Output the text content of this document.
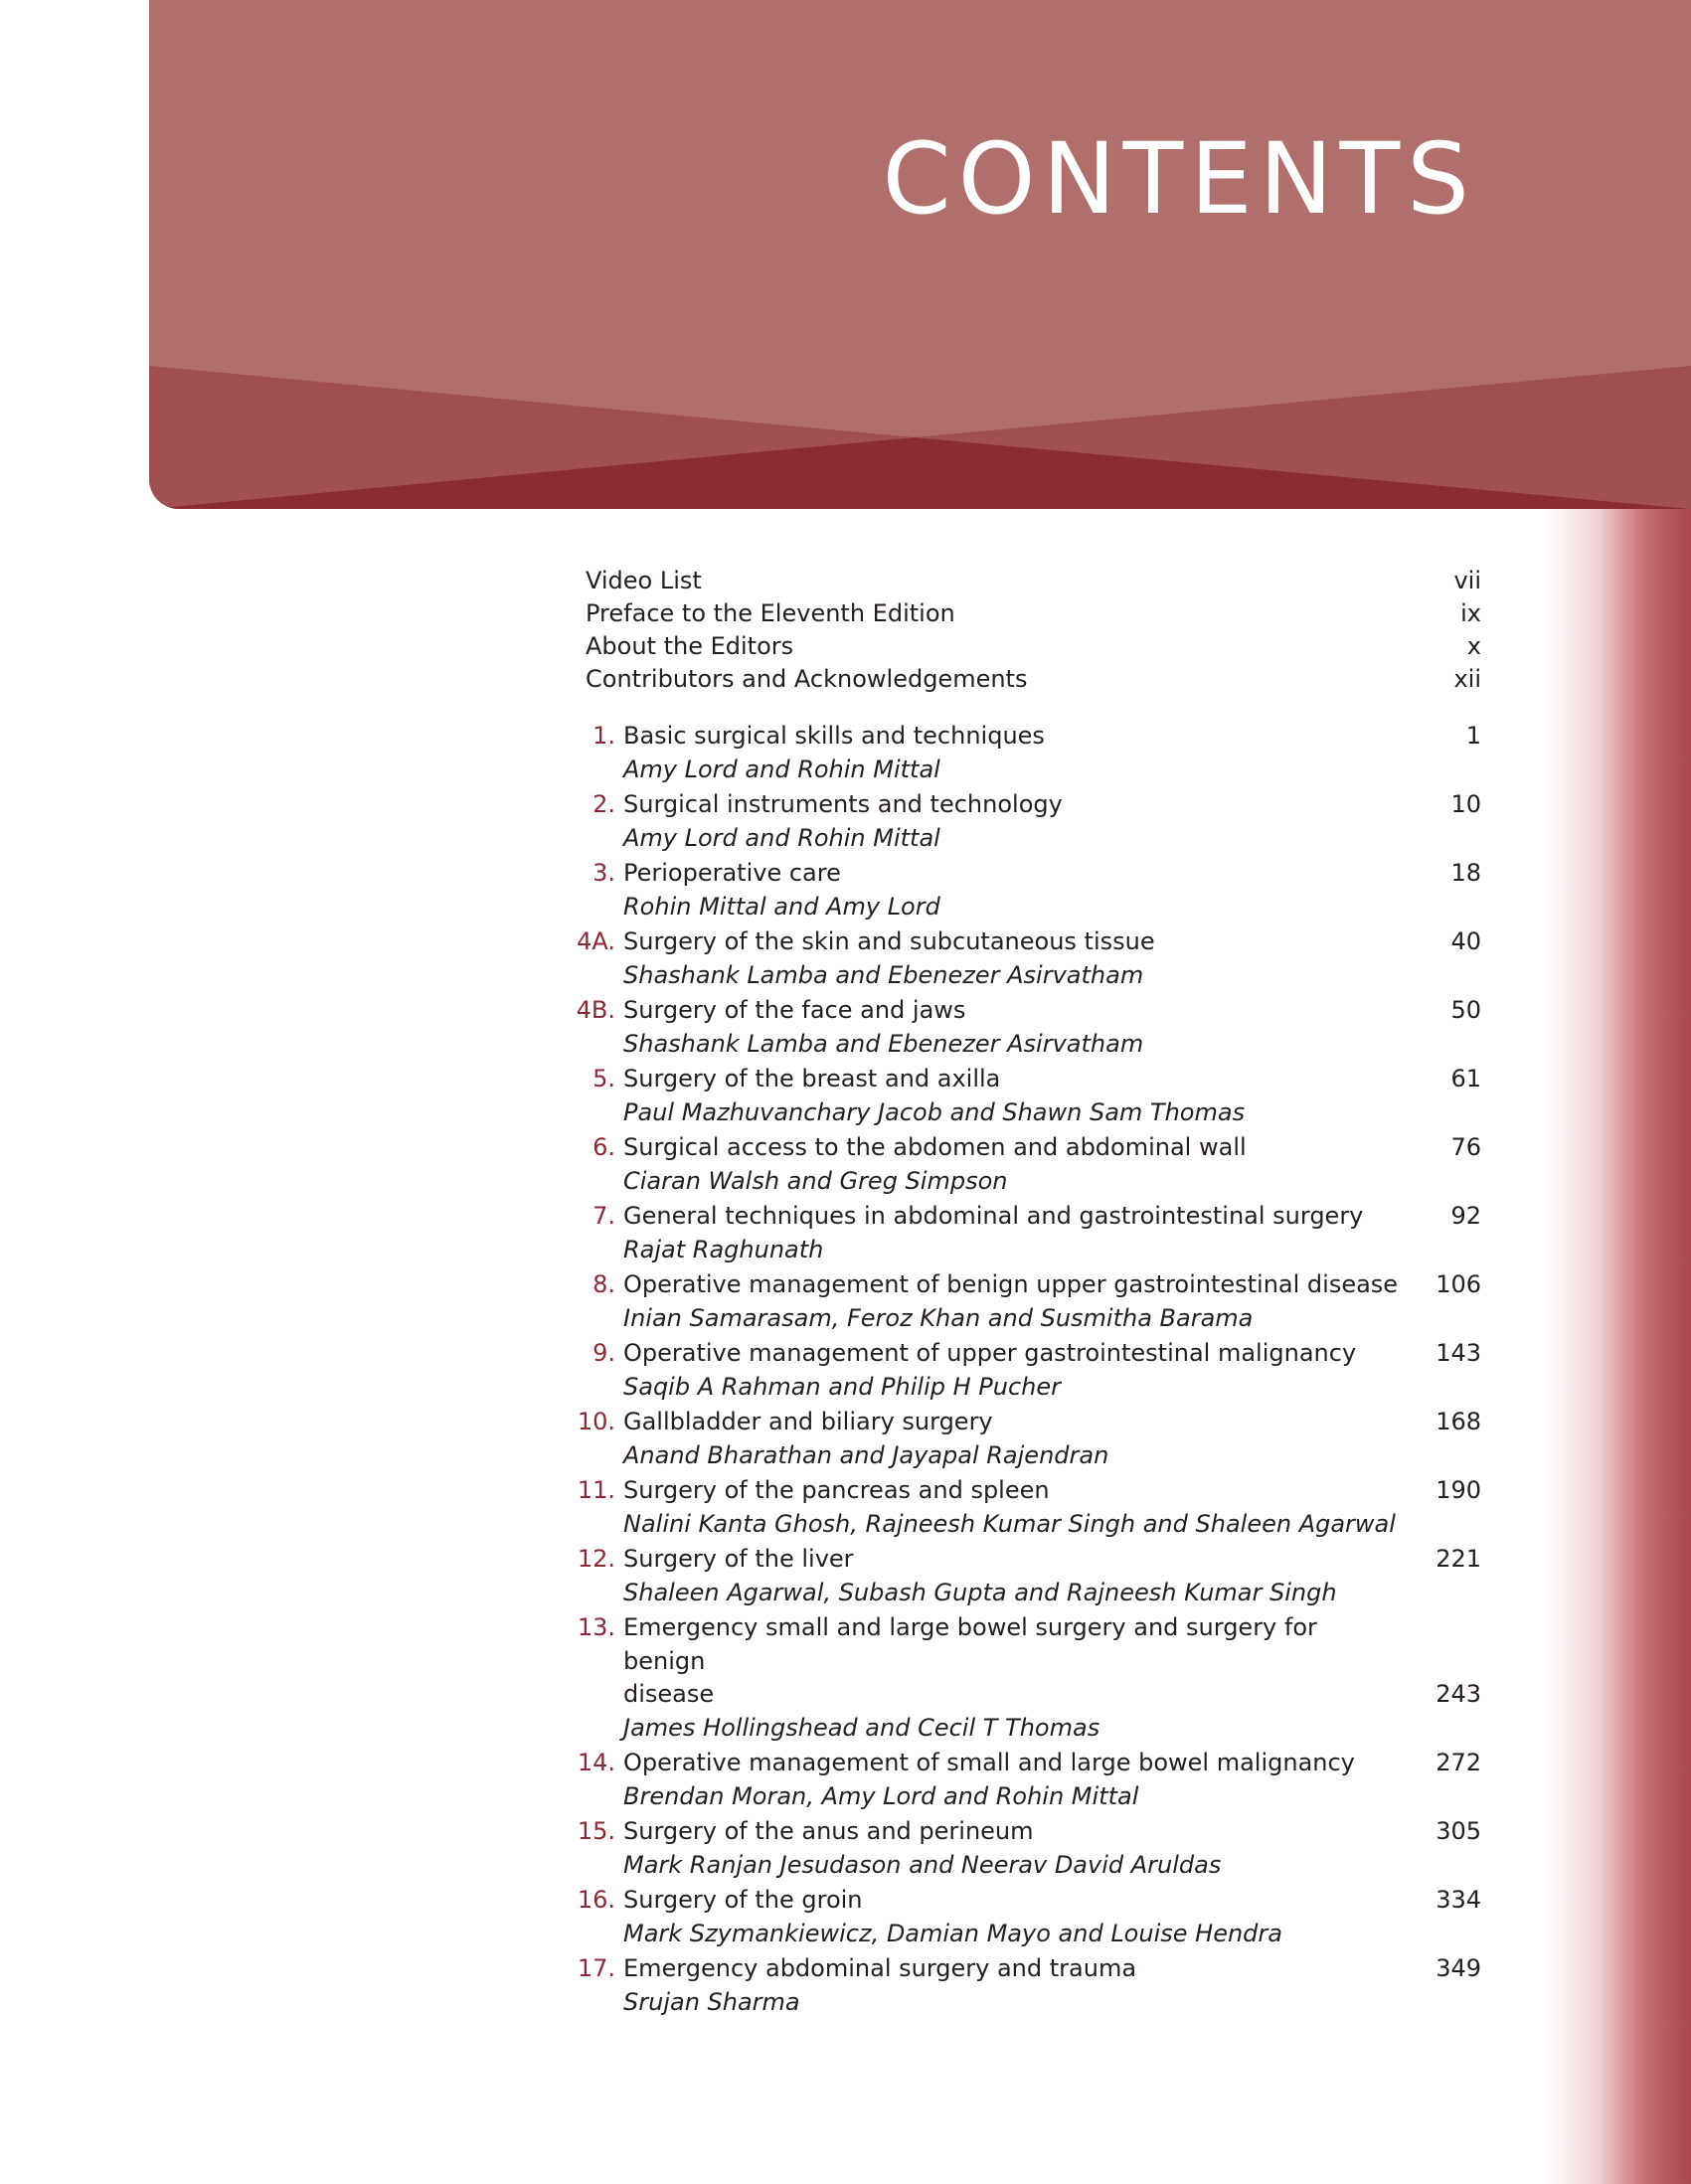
CONTENTS
Video List	vii
Preface to the Eleventh Edition	ix
About the Editors	x
Contributors and Acknowledgements	xii
1. Basic surgical skills and techniques	1
Amy Lord and Rohin Mittal
2. Surgical instruments and technology	10
Amy Lord and Rohin Mittal
3. Perioperative care	18
Rohin Mittal and Amy Lord
4A. Surgery of the skin and subcutaneous tissue	40
Shashank Lamba and Ebenezer Asirvatham
4B. Surgery of the face and jaws	50
Shashank Lamba and Ebenezer Asirvatham
5. Surgery of the breast and axilla	61
Paul Mazhuvanchary Jacob and Shawn Sam Thomas
6. Surgical access to the abdomen and abdominal wall	76
Ciaran Walsh and Greg Simpson
7. General techniques in abdominal and gastrointestinal surgery	92
Rajat Raghunath
8. Operative management of benign upper gastrointestinal disease	106
Inian Samarasam, Feroz Khan and Susmitha Barama
9. Operative management of upper gastrointestinal malignancy	143
Saqib A Rahman and Philip H Pucher
10. Gallbladder and biliary surgery	168
Anand Bharathan and Jayapal Rajendran
11. Surgery of the pancreas and spleen	190
Nalini Kanta Ghosh, Rajneesh Kumar Singh and Shaleen Agarwal
12. Surgery of the liver	221
Shaleen Agarwal, Subash Gupta and Rajneesh Kumar Singh
13. Emergency small and large bowel surgery and surgery for benign
disease	243
James Hollingshead and Cecil T Thomas
14. Operative management of small and large bowel malignancy	272
Brendan Moran, Amy Lord and Rohin Mittal
15. Surgery of the anus and perineum	305
Mark Ranjan Jesudason and Neerav David Aruldas
16. Surgery of the groin	334
Mark Szymankiewicz, Damian Mayo and Louise Hendra
17. Emergency abdominal surgery and trauma	349
Srujan Sharma
